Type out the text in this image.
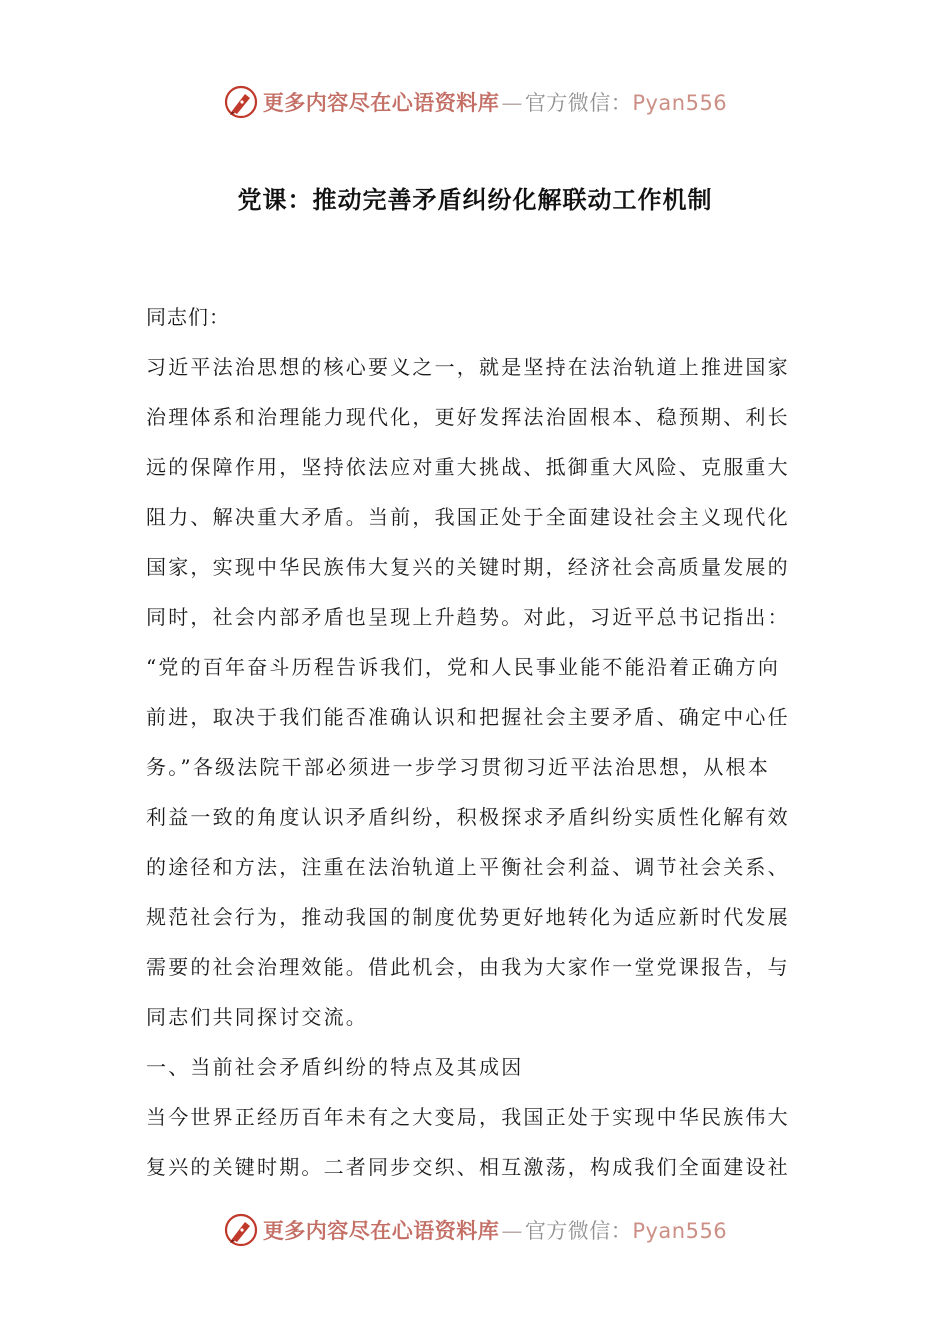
更多内容尽在心语资料库—官方微信：Pyan556
党课：推动完善矛盾纠纷化解联动工作机制
同志们：
习近平法治思想的核心要义之一，就是坚持在法治轨道上推进国家
治理体系和治理能力现代化，更好发挥法治固根本、稳预期、利长
远的保障作用，坚持依法应对重大挑战、抵御重大风险、克服重大
阻力、解决重大矛盾。当前，我国正处于全面建设社会主义现代化
国家，实现中华民族伟大复兴的关键时期，经济社会高质量发展的
同时，社会内部矛盾也呈现上升趋势。对此，习近平总书记指出：
“党的百年奋斗历程告诉我们，党和人民事业能不能沿着正确方向
前进，取决于我们能否准确认识和把握社会主要矛盾、确定中心任
务。”各级法院干部必须进一步学习贯彻习近平法治思想，从根本
利益一致的角度认识矛盾纠纷，积极探求矛盾纠纷实质性化解有效
的途径和方法，注重在法治轨道上平衡社会利益、调节社会关系、
规范社会行为，推动我国的制度优势更好地转化为适应新时代发展
需要的社会治理效能。借此机会，由我为大家作一堂党课报告，与
同志们共同探讨交流。
一、当前社会矛盾纠纷的特点及其成因
当今世界正经历百年未有之大变局，我国正处于实现中华民族伟大
复兴的关键时期。二者同步交织、相互激荡，构成我们全面建设社
更多内容尽在心语资料库—官方微信：Pyan556
